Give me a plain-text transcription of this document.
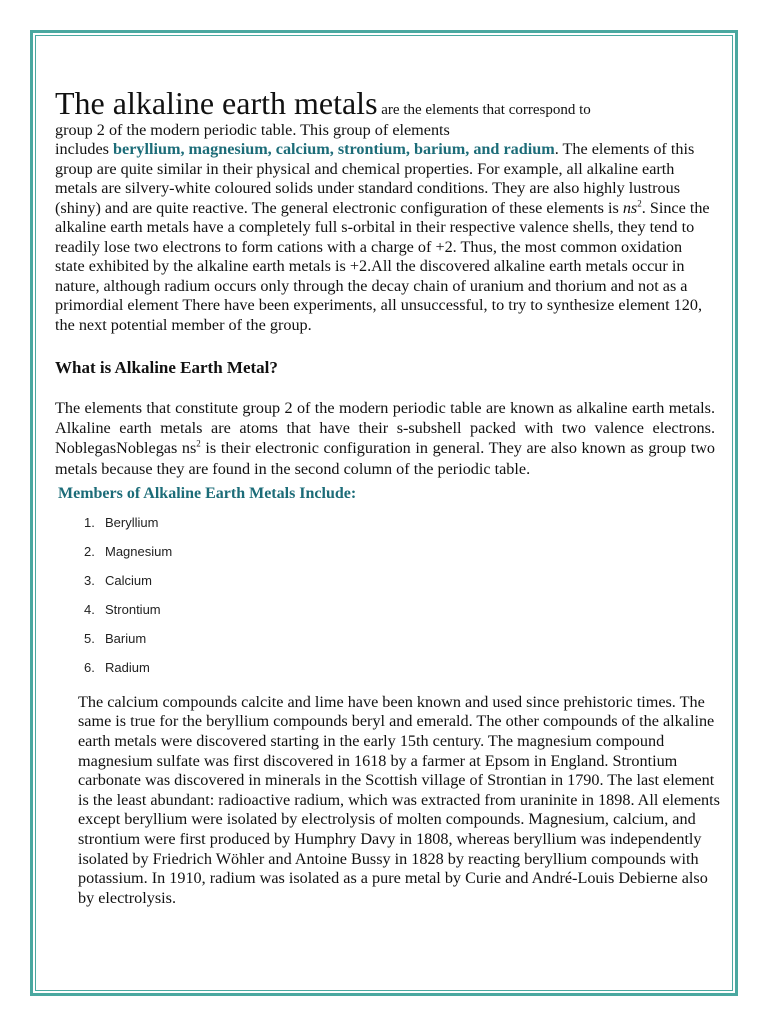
The alkaline earth metals are the elements that correspond to
group 2 of the modern periodic table. This group of elements
includes beryllium, magnesium, calcium, strontium, barium, and radium. The elements of this group are quite similar in their physical and chemical properties. For example, all alkaline earth metals are silvery-white coloured solids under standard conditions. They are also highly lustrous (shiny) and are quite reactive. The general electronic configuration of these elements is $ns^2$. Since the alkaline earth metals have a completely full s-orbital in their respective valence shells, they tend to readily lose two electrons to form cations with a charge of +2. Thus, the most common oxidation state exhibited by the alkaline earth metals is +2.All the discovered alkaline earth metals occur in nature, although radium occurs only through the decay chain of uranium and thorium and not as a primordial element There have been experiments, all unsuccessful, to try to synthesize element 120, the next potential member of the group.

What is Alkaline Earth Metal?

The elements that constitute group 2 of the modern periodic table are known as alkaline earth metals. Alkaline earth metals are atoms that have their s-subshell packed with two valence electrons. NoblegasNoblegas $ns^2$ is their electronic configuration in general. They are also known as group two metals because they are found in the second column of the periodic table.

Members of Alkaline Earth Metals Include:
1. Beryllium
2. Magnesium
3. Calcium
4. Strontium
5. Barium
6. Radium

The calcium compounds calcite and lime have been known and used since prehistoric times. The same is true for the beryllium compounds beryl and emerald. The other compounds of the alkaline earth metals were discovered starting in the early 15th century. The magnesium compound magnesium sulfate was first discovered in 1618 by a farmer at Epsom in England. Strontium carbonate was discovered in minerals in the Scottish village of Strontian in 1790. The last element is the least abundant: radioactive radium, which was extracted from uraninite in 1898. All elements except beryllium were isolated by electrolysis of molten compounds. Magnesium, calcium, and strontium were first produced by Humphry Davy in 1808, whereas beryllium was independently isolated by Friedrich Wöhler and Antoine Bussy in 1828 by reacting beryllium compounds with potassium. In 1910, radium was isolated as a pure metal by Curie and André-Louis Debierne also by electrolysis.
